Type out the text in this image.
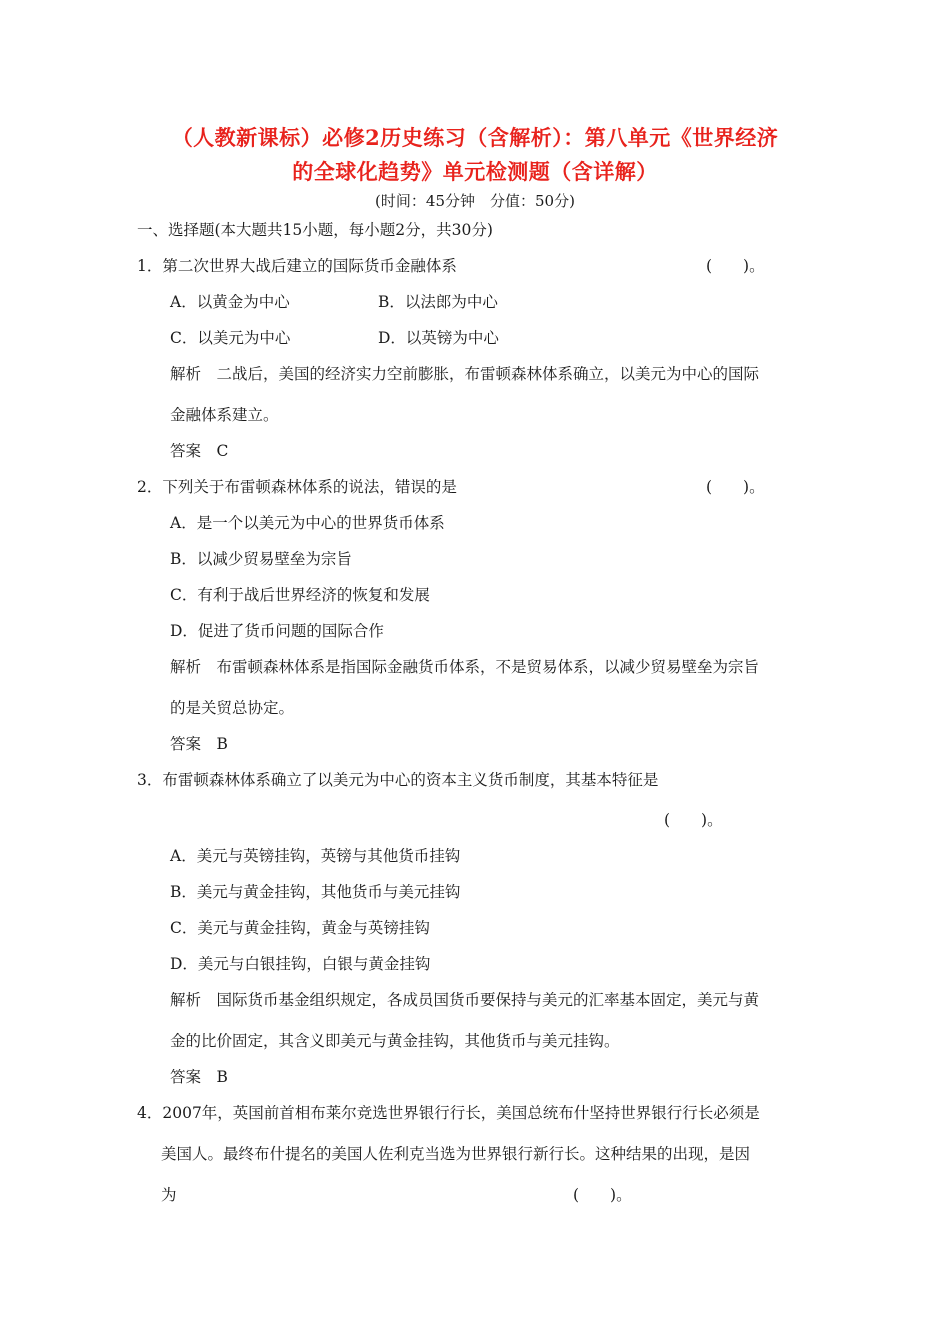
（人教新课标）必修2历史练习（含解析）：第八单元《世界经济
的全球化趋势》单元检测题（含详解）
(时间：45分钟　分值：50分)
一、选择题(本大题共15小题，每小题2分，共30分)
1．第二次世界大战后建立的国际货币金融体系	(　　)。
A．以黄金为中心	B．以法郎为中心
C．以美元为中心	D．以英镑为中心
解析　二战后，美国的经济实力空前膨胀，布雷顿森林体系确立，以美元为中心的国际
金融体系建立。
答案　C
2．下列关于布雷顿森林体系的说法，错误的是	(　　)。
A．是一个以美元为中心的世界货币体系
B．以减少贸易壁垒为宗旨
C．有利于战后世界经济的恢复和发展
D．促进了货币问题的国际合作
解析　布雷顿森林体系是指国际金融货币体系，不是贸易体系，以减少贸易壁垒为宗旨
的是关贸总协定。
答案　B
3．布雷顿森林体系确立了以美元为中心的资本主义货币制度，其基本特征是
(　　)。
A．美元与英镑挂钩，英镑与其他货币挂钩
B．美元与黄金挂钩，其他货币与美元挂钩
C．美元与黄金挂钩，黄金与英镑挂钩
D．美元与白银挂钩，白银与黄金挂钩
解析　国际货币基金组织规定，各成员国货币要保持与美元的汇率基本固定，美元与黄
金的比价固定，其含义即美元与黄金挂钩，其他货币与美元挂钩。
答案　B
4．2007年，英国前首相布莱尔竞选世界银行行长，美国总统布什坚持世界银行行长必须是
美国人。最终布什提名的美国人佐利克当选为世界银行新行长。这种结果的出现，是因
为	(　　)。
